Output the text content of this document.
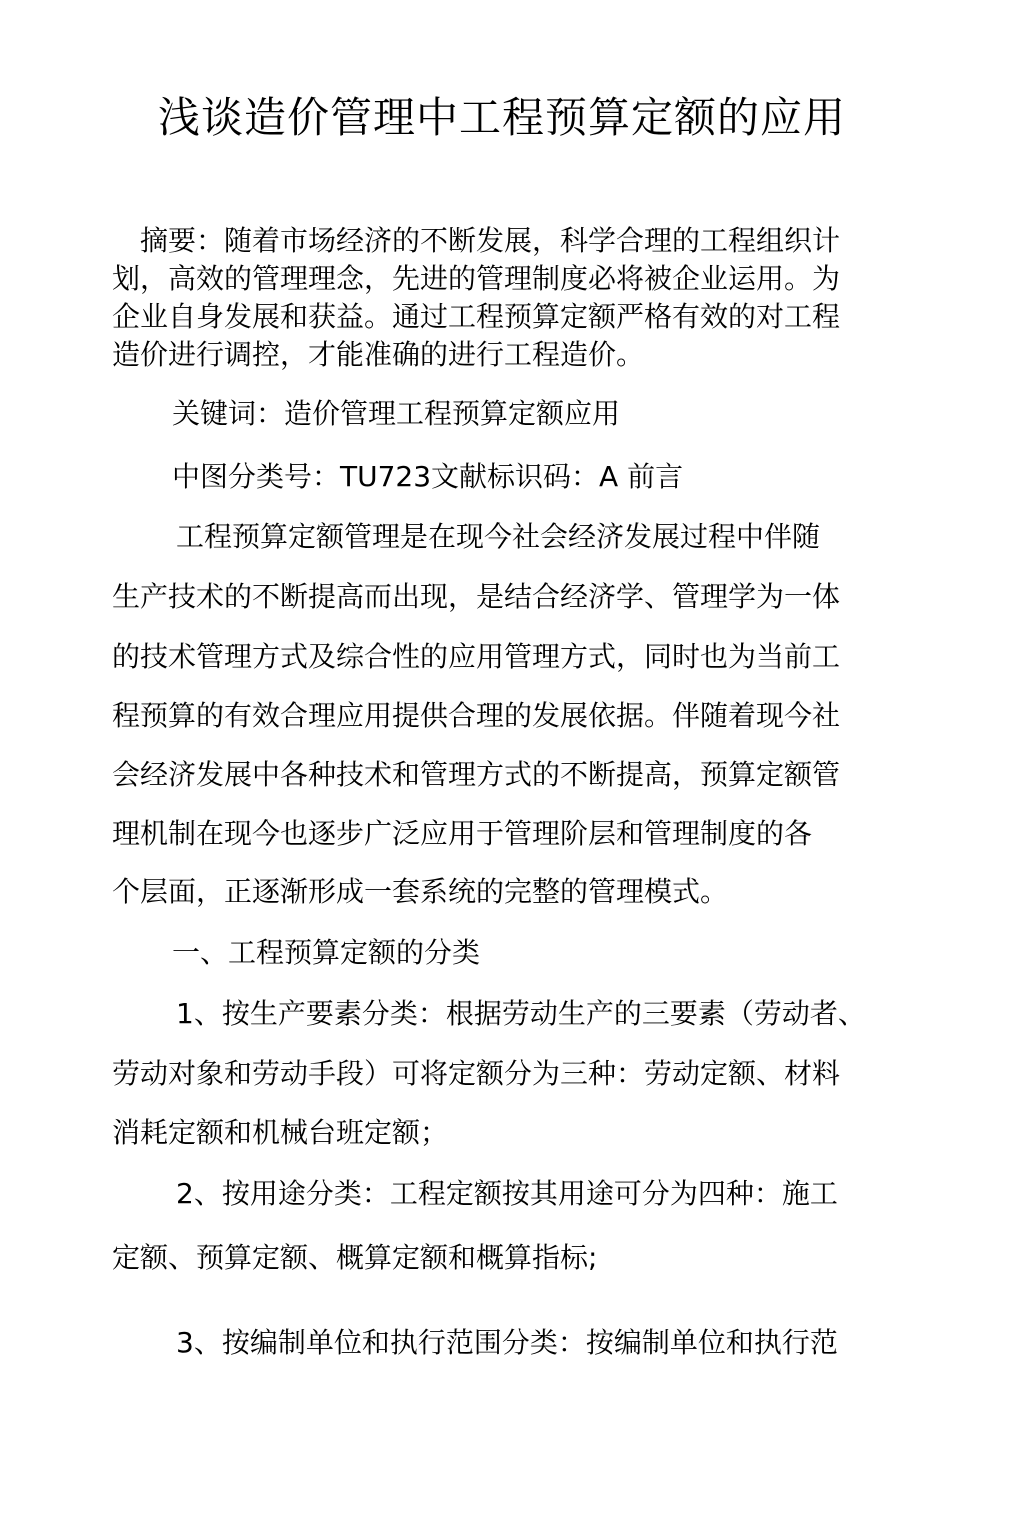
浅谈造价管理中工程预算定额的应用
　摘要：随着市场经济的不断发展，科学合理的工程组织计
划，高效的管理理念，先进的管理制度必将被企业运用。为
企业自身发展和获益。通过工程预算定额严格有效的对工程
造价进行调控，才能准确的进行工程造价。
关键词：造价管理工程预算定额应用
中图分类号：TU723文献标识码：A 前言
工程预算定额管理是在现今社会经济发展过程中伴随
生产技术的不断提高而出现，是结合经济学、管理学为一体
的技术管理方式及综合性的应用管理方式，同时也为当前工
程预算的有效合理应用提供合理的发展依据。伴随着现今社
会经济发展中各种技术和管理方式的不断提高，预算定额管
理机制在现今也逐步广泛应用于管理阶层和管理制度的各
个层面，正逐渐形成一套系统的完整的管理模式。
一、工程预算定额的分类
1、按生产要素分类：根据劳动生产的三要素（劳动者、
劳动对象和劳动手段）可将定额分为三种：劳动定额、材料
消耗定额和机械台班定额；
2、按用途分类：工程定额按其用途可分为四种：施工
定额、预算定额、概算定额和概算指标;
3、按编制单位和执行范围分类：按编制单位和执行范
